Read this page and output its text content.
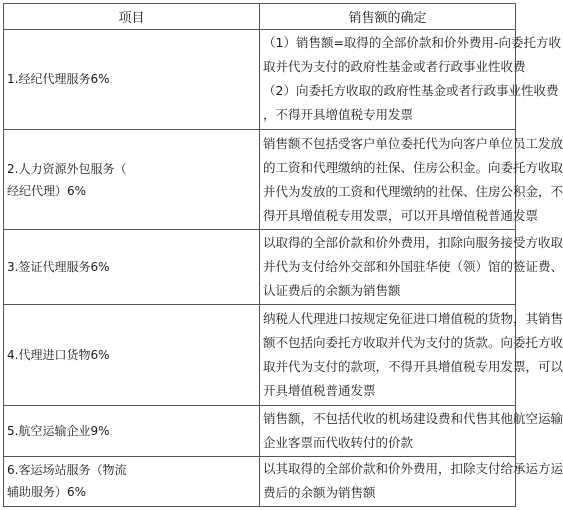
项目	销售额的确定

1.经纪代理服务6%	（1）销售额=取得的全部价款和价外费用-向委托方收
取并代为支付的政府性基金或者行政事业性收费
（2）向委托方收取的政府性基金或者行政事业性收费
，不得开具增值税专用发票

2.人力资源外包服务（
经纪代理）6%	销售额不包括受客户单位委托代为向客户单位员工发放
的工资和代理缴纳的社保、住房公积金。向委托方收取
并代为发放的工资和代理缴纳的社保、住房公积金，不
得开具增值税专用发票，可以开具增值税普通发票

3.签证代理服务6%	以取得的全部价款和价外费用，扣除向服务接受方收取
并代为支付给外交部和外国驻华使（领）馆的签证费、
认证费后的余额为销售额

4.代理进口货物6%	纳税人代理进口按规定免征进口增值税的货物，其销售
额不包括向委托方收取并代为支付的货款。向委托方收
取并代为支付的款项，不得开具增值税专用发票，可以
开具增值税普通发票

5.航空运输企业9%	销售额，不包括代收的机场建设费和代售其他航空运输
企业客票而代收转付的价款

6.客运场站服务（物流
辅助服务）6%	以其取得的全部价款和价外费用，扣除支付给承运方运
费后的余额为销售额
